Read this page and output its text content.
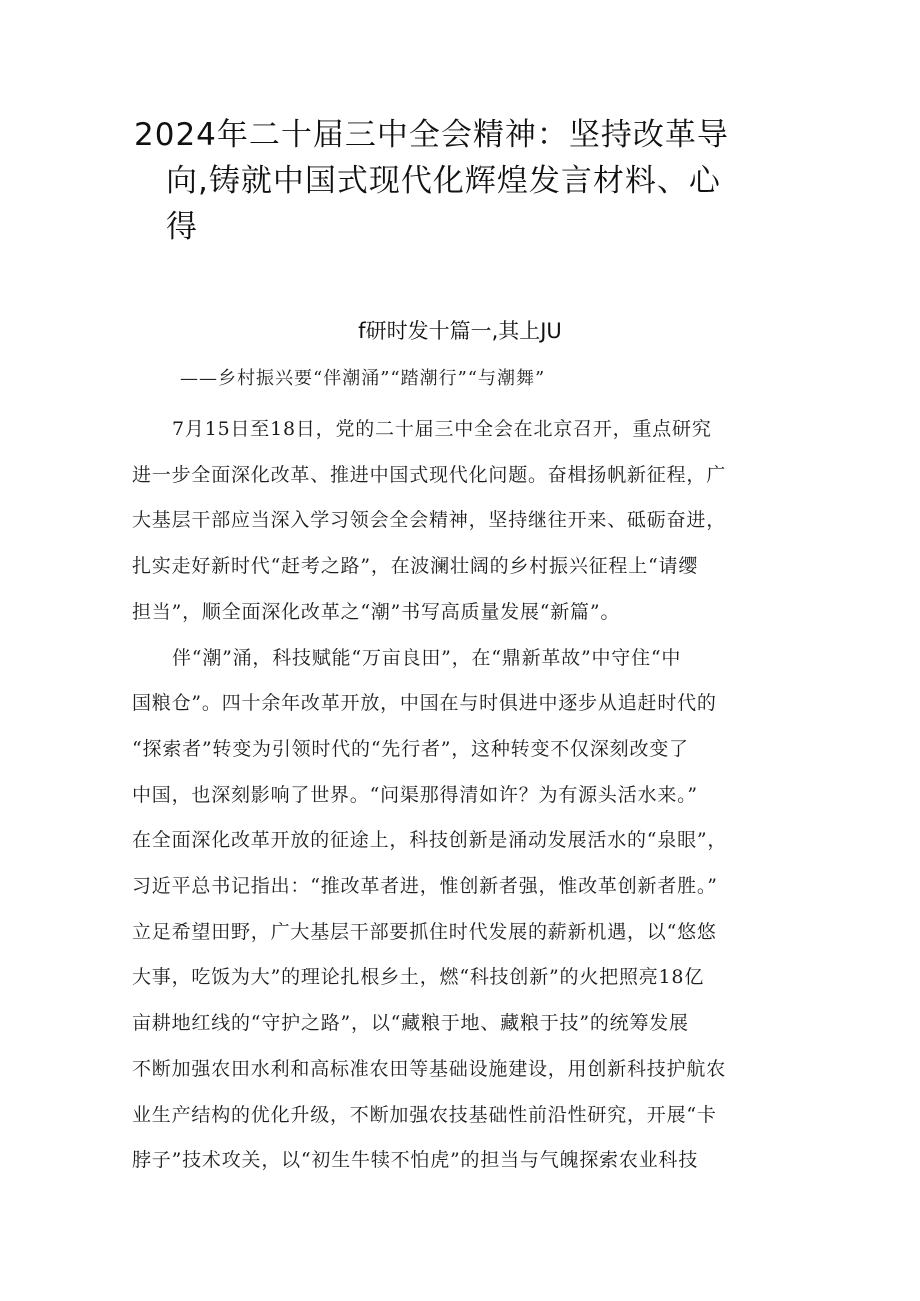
2024年二十届三中全会精神：坚持改革导
向,铸就中国式现代化辉煌发言材料、心
得
f研时发十篇一,其上JU
——乡村振兴要“伴潮涌”“踏潮行”“与潮舞”
7月15日至18日，党的二十届三中全会在北京召开，重点研究
进一步全面深化改革、推进中国式现代化问题。奋楫扬帆新征程，广
大基层干部应当深入学习领会全会精神，坚持继往开来、砥砺奋进，
扎实走好新时代“赶考之路”，在波澜壮阔的乡村振兴征程上“请缨
担当”，顺全面深化改革之“潮”书写高质量发展“新篇”。
伴“潮”涌，科技赋能“万亩良田”，在“鼎新革故”中守住“中
国粮仓”。四十余年改革开放，中国在与时俱进中逐步从追赶时代的
“探索者”转变为引领时代的“先行者”，这种转变不仅深刻改变了
中国，也深刻影响了世界。“问渠那得清如许？为有源头活水来。”
在全面深化改革开放的征途上，科技创新是涌动发展活水的“泉眼”，
习近平总书记指出：“推改革者进，惟创新者强，惟改革创新者胜。”
立足希望田野，广大基层干部要抓住时代发展的薪新机遇，以“悠悠
大事，吃饭为大”的理论扎根乡土，燃“科技创新”的火把照亮18亿
亩耕地红线的“守护之路”，以“藏粮于地、藏粮于技”的统筹发展
不断加强农田水利和高标准农田等基础设施建设，用创新科技护航农
业生产结构的优化升级，不断加强农技基础性前沿性研究，开展“卡
脖子”技术攻关，以“初生牛犊不怕虎”的担当与气魄探索农业科技
